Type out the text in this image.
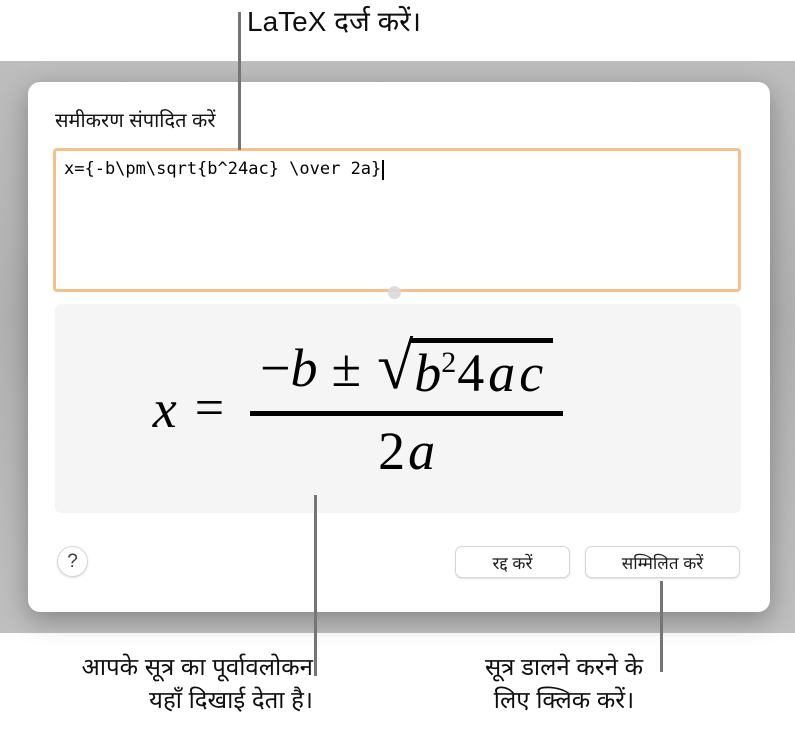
समीकरण संपादित करें
x={-b\pm\sqrt{b^24ac} \over 2a}
x =
− b ± √ b 2 4 a c
2 a
?	रद्द करें	सम्मिलित करें
LaTeX दर्ज करें।
आपके सूत्र का पूर्वावलोकन
यहाँ दिखाई देता है।
सूत्र डालने करने के
लिए क्लिक करें।
